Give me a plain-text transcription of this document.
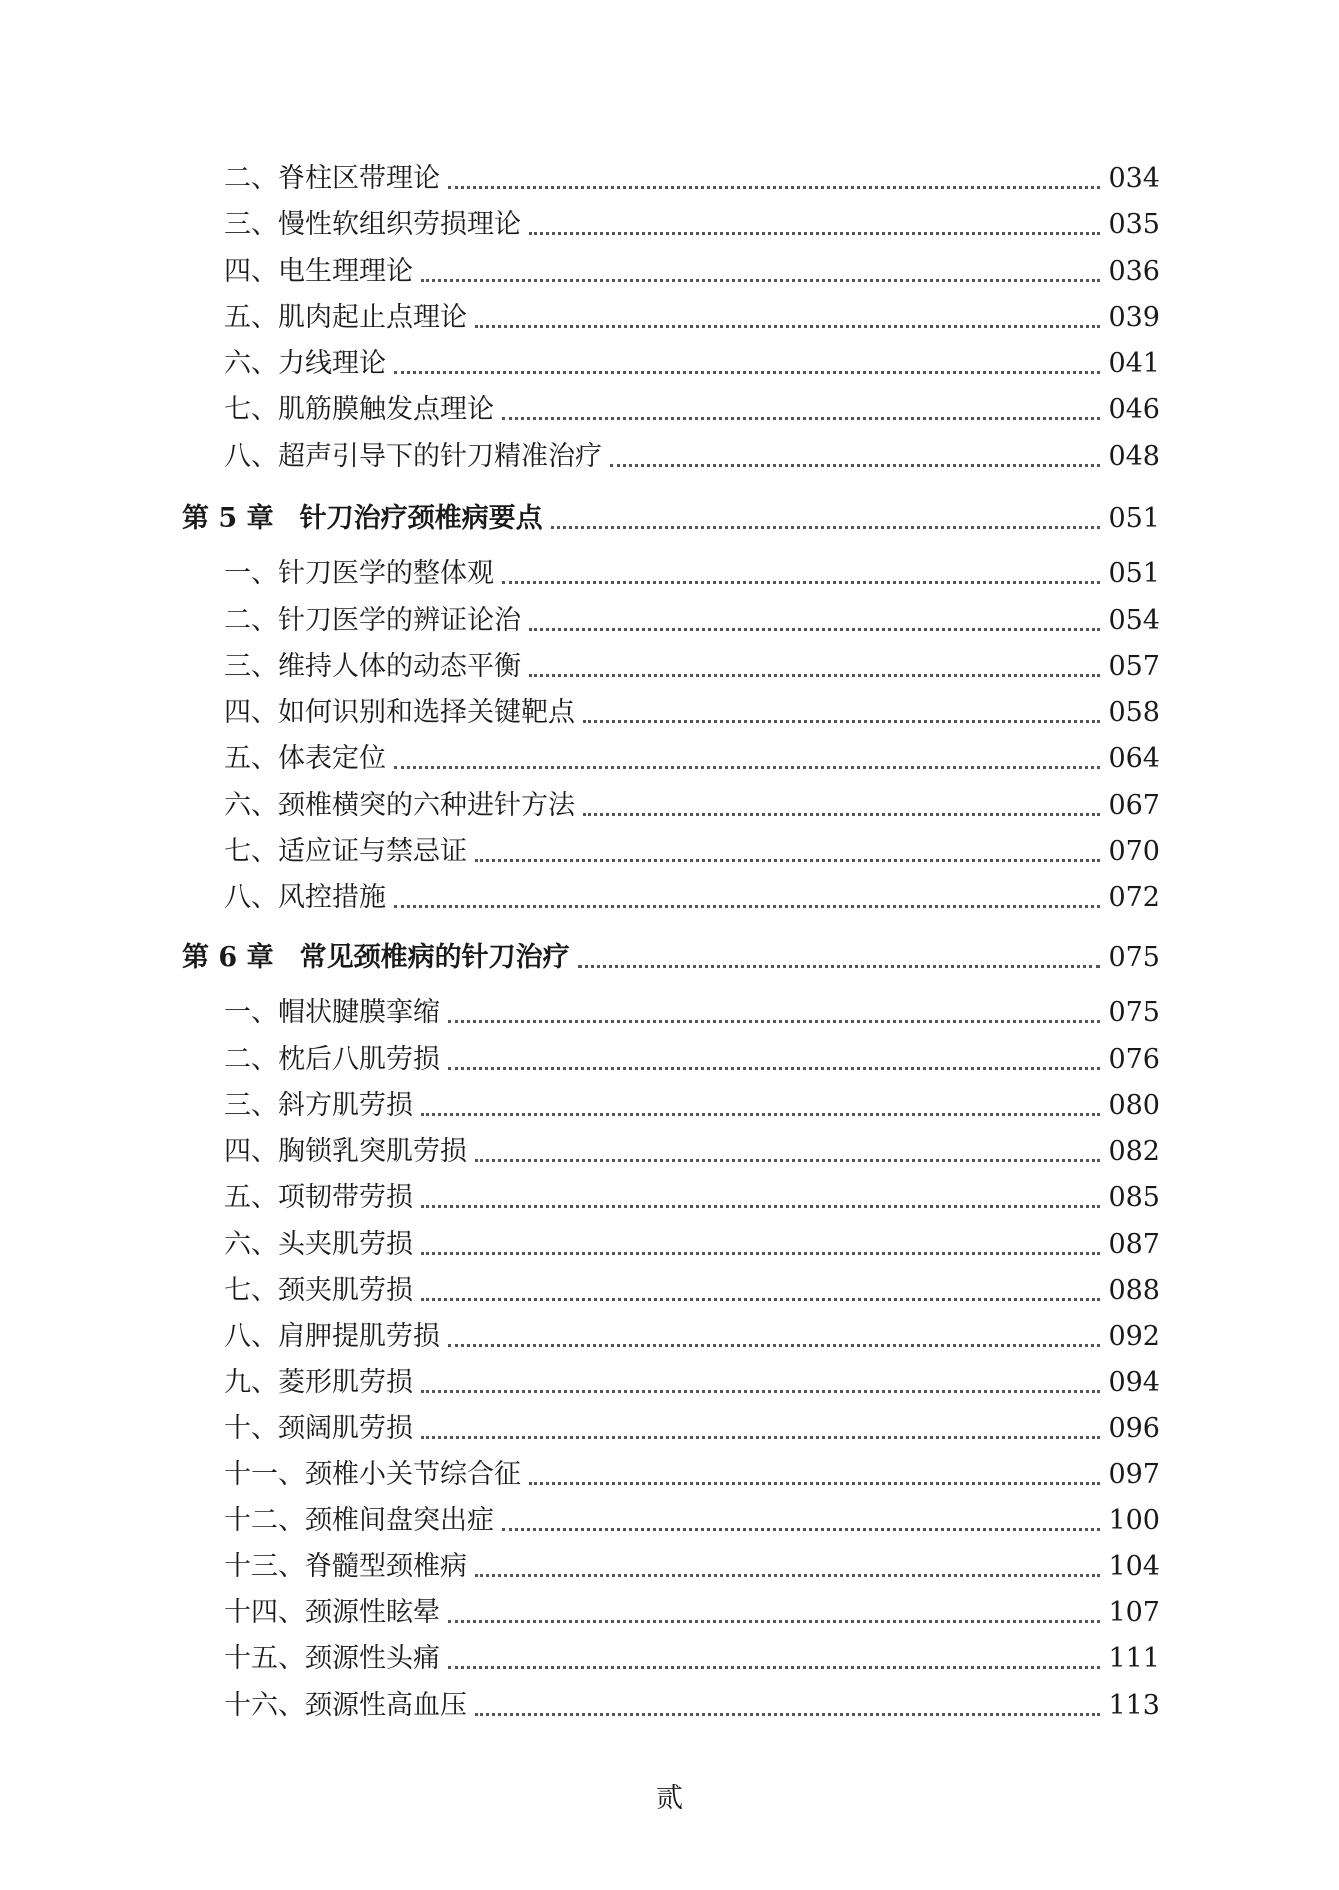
二、脊柱区带理论	034
三、慢性软组织劳损理论	035
四、电生理理论	036
五、肌肉起止点理论	039
六、力线理论	041
七、肌筋膜触发点理论	046
八、超声引导下的针刀精准治疗	048
第 5 章 针刀治疗颈椎病要点	051
一、针刀医学的整体观	051
二、针刀医学的辨证论治	054
三、维持人体的动态平衡	057
四、如何识别和选择关键靶点	058
五、体表定位	064
六、颈椎横突的六种进针方法	067
七、适应证与禁忌证	070
八、风控措施	072
第 6 章 常见颈椎病的针刀治疗	075
一、帽状腱膜挛缩	075
二、枕后八肌劳损	076
三、斜方肌劳损	080
四、胸锁乳突肌劳损	082
五、项韧带劳损	085
六、头夹肌劳损	087
七、颈夹肌劳损	088
八、肩胛提肌劳损	092
九、菱形肌劳损	094
十、颈阔肌劳损	096
十一、颈椎小关节综合征	097
十二、颈椎间盘突出症	100
十三、脊髓型颈椎病	104
十四、颈源性眩晕	107
十五、颈源性头痛	111
十六、颈源性高血压	113
贰
